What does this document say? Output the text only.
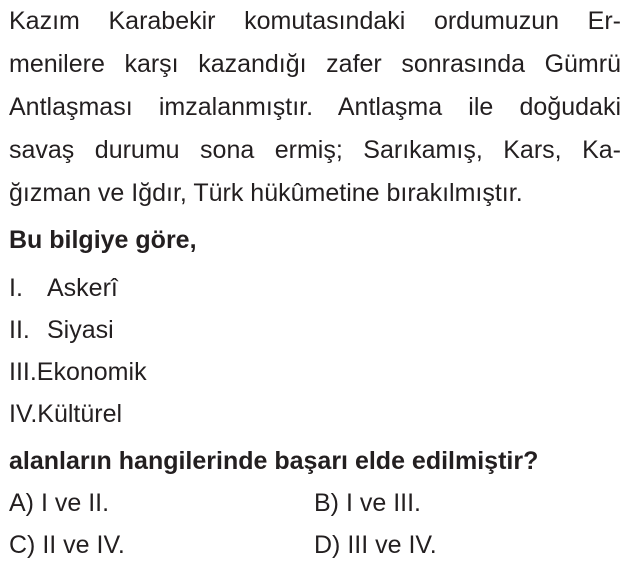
Kazım Karabekir komutasındaki ordumuzun Er-
menilere karşı kazandığı zafer sonrasında Gümrü
Antlaşması imzalanmıştır. Antlaşma ile doğudaki
savaş durumu sona ermiş; Sarıkamış, Kars, Ka-
ğızman ve Iğdır, Türk hükûmetine bırakılmıştır.
Bu bilgiye göre,
I. Askerî
II. Siyasi
III. Ekonomik
IV. Kültürel
alanların hangilerinde başarı elde edilmiştir?
A) I ve II.	B) I ve III.
C) II ve IV.	D) III ve IV.
